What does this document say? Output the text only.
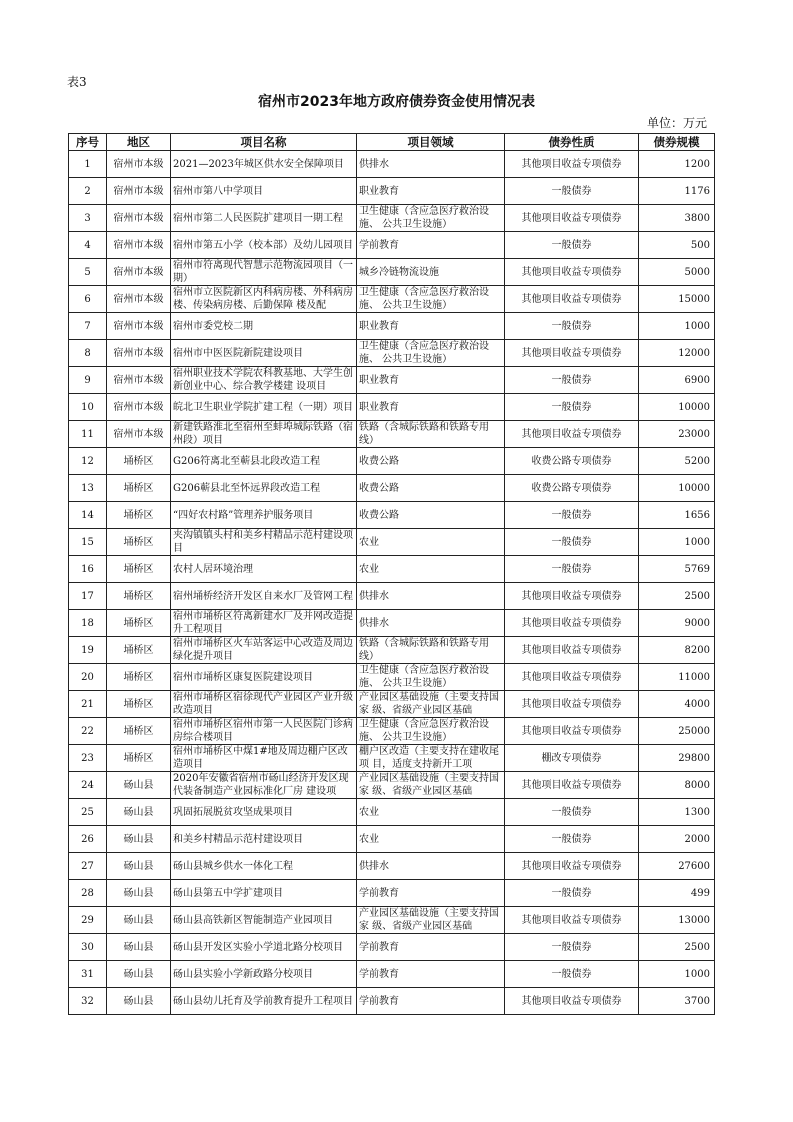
表3
宿州市2023年地方政府债券资金使用情况表
单位：万元
序号	地区	项目名称	项目领域	债券性质	债券规模

1	宿州市本级	2021—2023年城区供水安全保障项目	供排水	其他项目收益专项债券	1200

2	宿州市本级	宿州市第八中学项目	职业教育	一般债券	1176

3	宿州市本级	宿州市第二人民医院扩建项目一期工程	卫生健康（含应急医疗救治设施、 公共卫生设施）	其他项目收益专项债券	3800

4	宿州市本级	宿州市第五小学（校本部）及幼儿园项目	学前教育	一般债券	500

5	宿州市本级	宿州市符离现代智慧示范物流园项目（一期）	城乡冷链物流设施	其他项目收益专项债券	5000

6	宿州市本级	宿州市立医院新区内科病房楼、外科病房楼、传染病房楼、后勤保障 楼及配	卫生健康（含应急医疗救治设施、 公共卫生设施）	其他项目收益专项债券	15000

7	宿州市本级	宿州市委党校二期	职业教育	一般债券	1000

8	宿州市本级	宿州市中医医院新院建设项目	卫生健康（含应急医疗救治设施、 公共卫生设施）	其他项目收益专项债券	12000

9	宿州市本级	宿州职业技术学院农科教基地、大学生创新创业中心、综合教学楼建 设项目	职业教育	一般债券	6900

10	宿州市本级	皖北卫生职业学院扩建工程（一期）项目	职业教育	一般债券	10000

11	宿州市本级	新建铁路淮北至宿州至蚌埠城际铁路（宿州段）项目	铁路（含城际铁路和铁路专用线）	其他项目收益专项债券	23000

12	埇桥区	G206符离北至蕲县北段改造工程	收费公路	收费公路专项债券	5200

13	埇桥区	G206蕲县北至怀远界段改造工程	收费公路	收费公路专项债券	10000

14	埇桥区	“四好农村路”管理养护服务项目	收费公路	一般债券	1656

15	埇桥区	夹沟镇镇头村和美乡村精品示范村建设项目	农业	一般债券	1000

16	埇桥区	农村人居环境治理	农业	一般债券	5769

17	埇桥区	宿州埇桥经济开发区自来水厂及管网工程	供排水	其他项目收益专项债券	2500

18	埇桥区	宿州市埇桥区符离新建水厂及并网改造提升工程项目	供排水	其他项目收益专项债券	9000

19	埇桥区	宿州市埇桥区火车站客运中心改造及周边绿化提升项目	铁路（含城际铁路和铁路专用线）	其他项目收益专项债券	8200

20	埇桥区	宿州市埇桥区康复医院建设项目	卫生健康（含应急医疗救治设施、 公共卫生设施）	其他项目收益专项债券	11000

21	埇桥区	宿州市埇桥区宿徐现代产业园区产业升级改造项目	产业园区基础设施（主要支持国家 级、省级产业园区基础	其他项目收益专项债券	4000

22	埇桥区	宿州市埇桥区宿州市第一人民医院门诊病房综合楼项目	卫生健康（含应急医疗救治设施、 公共卫生设施）	其他项目收益专项债券	25000

23	埇桥区	宿州市埇桥区中煤1#地及周边棚户区改造项目	棚户区改造（主要支持在建收尾项 目，适度支持新开工项	棚改专项债券	29800

24	砀山县	2020年安徽省宿州市砀山经济开发区现代装备制造产业园标准化厂房 建设项	产业园区基础设施（主要支持国家 级、省级产业园区基础	其他项目收益专项债券	8000

25	砀山县	巩固拓展脱贫攻坚成果项目	农业	一般债券	1300

26	砀山县	和美乡村精品示范村建设项目	农业	一般债券	2000

27	砀山县	砀山县城乡供水一体化工程	供排水	其他项目收益专项债券	27600

28	砀山县	砀山县第五中学扩建项目	学前教育	一般债券	499

29	砀山县	砀山县高铁新区智能制造产业园项目	产业园区基础设施（主要支持国家 级、省级产业园区基础	其他项目收益专项债券	13000

30	砀山县	砀山县开发区实验小学道北路分校项目	学前教育	一般债券	2500

31	砀山县	砀山县实验小学新政路分校项目	学前教育	一般债券	1000

32	砀山县	砀山县幼儿托育及学前教育提升工程项目	学前教育	其他项目收益专项债券	3700
